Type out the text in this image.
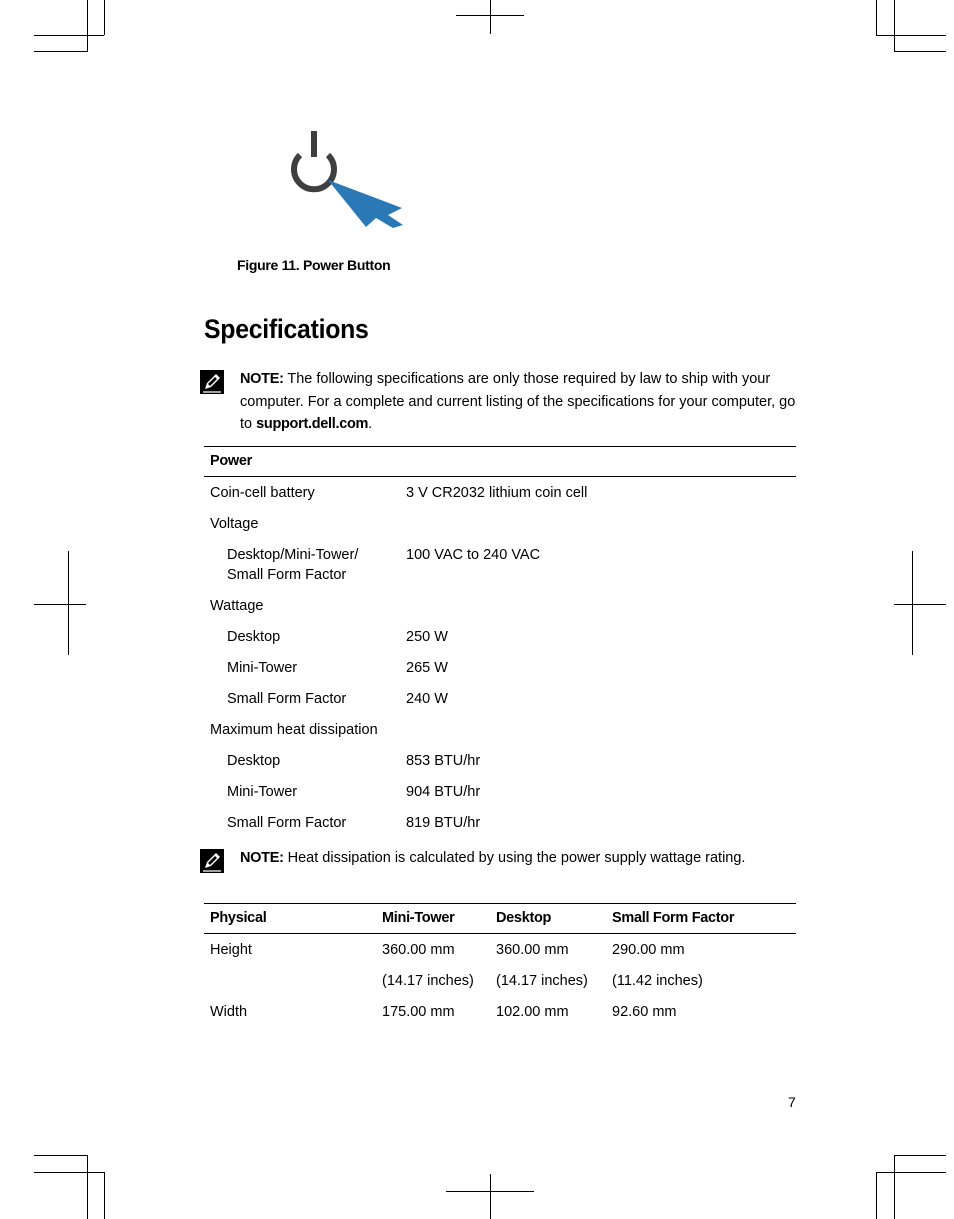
Figure 11. Power Button
Specifications
NOTE: The following specifications are only those required by law to ship with your computer. For a complete and current listing of the specifications for your computer, go to support.dell.com.
Power	
Coin-cell battery	3 V CR2032 lithium coin cell
Voltage	
Desktop/Mini-Tower/
Small Form Factor	100 VAC to 240 VAC
Wattage	
Desktop	250 W
Mini-Tower	265 W
Small Form Factor	240 W
Maximum heat dissipation	
Desktop	853 BTU/hr
Mini-Tower	904 BTU/hr
Small Form Factor	819 BTU/hr
NOTE: Heat dissipation is calculated by using the power supply wattage rating.
Physical	Mini-Tower	Desktop	Small Form Factor
Height	360.00 mm	360.00 mm	290.00 mm
	(14.17 inches)	(14.17 inches)	(11.42 inches)
Width	175.00 mm	102.00 mm	92.60 mm
7
